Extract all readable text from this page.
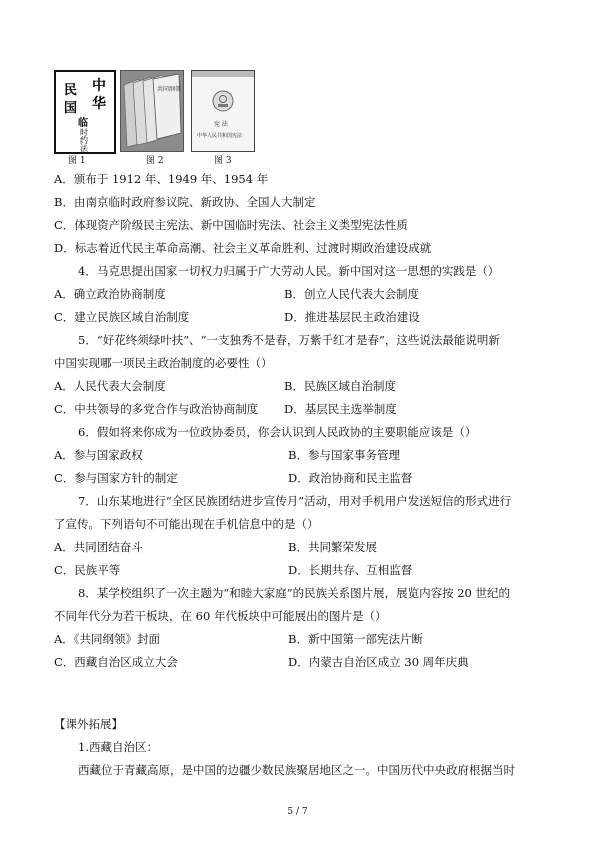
中
华
民
国
临
时
约
法
图 1
共同纲领
图 2
宪 法
中华人民共和国宪法
图 3
A．颁布于 1912 年、1949 年、1954 年
B．由南京临时政府参议院、新政协、全国人大制定
C．体现资产阶级民主宪法、新中国临时宪法、社会主义类型宪法性质
D．标志着近代民主革命高潮、社会主义革命胜利、过渡时期政治建设成就
4．马克思提出国家一切权力归属于广大劳动人民。新中国对这一思想的实践是（）
A．确立政治协商制度	B．创立人民代表大会制度
C．建立民族区域自治制度	D．推进基层民主政治建设
5．“好花终须绿叶扶”、“一支独秀不是春，万紫千红才是春”，这些说法最能说明新
中国实现哪一项民主政治制度的必要性（）
A．人民代表大会制度	B．民族区域自治制度
C．中共领导的多党合作与政治协商制度 D．基层民主选举制度
6．假如将来你成为一位政协委员，你会认识到人民政协的主要职能应该是（）
A．参与国家政权	B．参与国家事务管理
C．参与国家方针的制定	D．政治协商和民主监督
7．山东某地进行“全区民族团结进步宣传月”活动，用对手机用户发送短信的形式进行
了宣传。下列语句不可能出现在手机信息中的是（）
A．共同团结奋斗	B．共同繁荣发展
C．民族平等	D．长期共存、互相监督
8．某学校组织了一次主题为“和睦大家庭”的民族关系图片展，展览内容按 20 世纪的
不同年代分为若干板块，在 60 年代板块中可能展出的图片是（）
A．《共同纲领》封面	B．新中国第一部宪法片断
C．西藏自治区成立大会	D．内蒙古自治区成立 30 周年庆典
【课外拓展】
1.西藏自治区：
西藏位于青藏高原，是中国的边疆少数民族聚居地区之一。中国历代中央政府根据当时
5 / 7
